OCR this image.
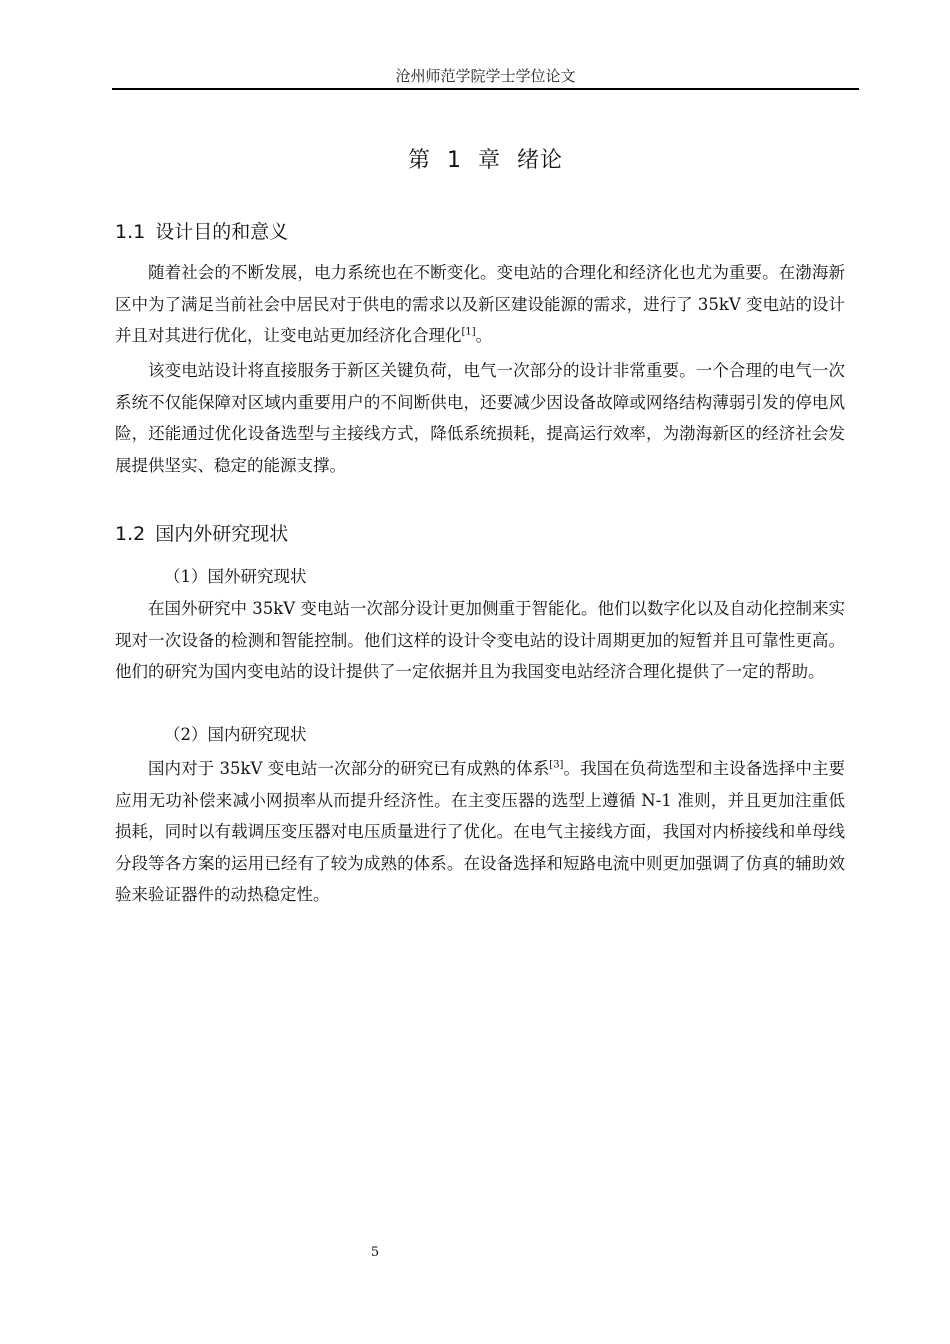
沧州师范学院学士学位论文
第  1  章  绪论
1.1 设计目的和意义

随着社会的不断发展，电力系统也在不断变化。变电站的合理化和经济化也尤为重要。在渤海新区中为了满足当前社会中居民对于供电的需求以及新区建设能源的需求，进行了 35kV 变电站的设计并且对其进行优化，让变电站更加经济化合理化[1]。

该变电站设计将直接服务于新区关键负荷，电气一次部分的设计非常重要。一个合理的电气一次系统不仅能保障对区域内重要用户的不间断供电，还要减少因设备故障或网络结构薄弱引发的停电风险，还能通过优化设备选型与主接线方式，降低系统损耗，提高运行效率，为渤海新区的经济社会发展提供坚实、稳定的能源支撑。

1.2 国内外研究现状
（1）国外研究现状

在国外研究中 35kV 变电站一次部分设计更加侧重于智能化。他们以数字化以及自动化控制来实现对一次设备的检测和智能控制。他们这样的设计令变电站的设计周期更加的短暂并且可靠性更高。他们的研究为国内变电站的设计提供了一定依据并且为我国变电站经济合理化提供了一定的帮助。

（2）国内研究现状

国内对于 35kV 变电站一次部分的研究已有成熟的体系[3]。我国在负荷选型和主设备选择中主要应用无功补偿来减小网损率从而提升经济性。在主变压器的选型上遵循 N-1 准则，并且更加注重低损耗，同时以有载调压变压器对电压质量进行了优化。在电气主接线方面，我国对内桥接线和单母线分段等各方案的运用已经有了较为成熟的体系。在设备选择和短路电流中则更加强调了仿真的辅助效验来验证器件的动热稳定性。

5
